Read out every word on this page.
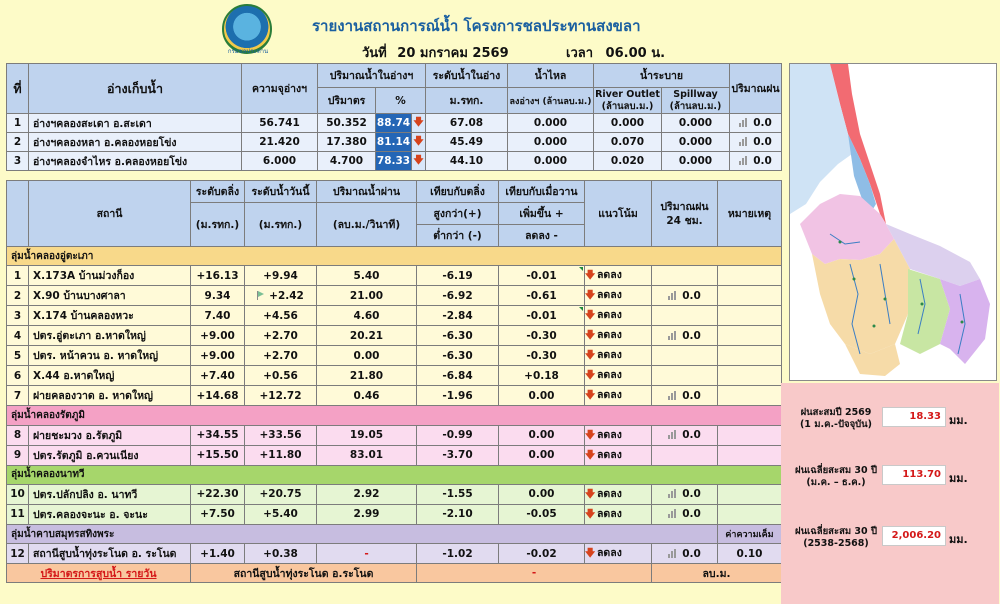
กรมชลประทาน
รายงานสถานการณ์น้ำ โครงการชลประทานสงขลา
วันที่ 20 มกราคม 2569	เวลา 06.00 น.
ที่	อ่างเก็บน้ำ	ความจุอ่างฯ	ปริมาณน้ำในอ่างฯ			ระดับน้ำในอ่าง	น้ำไหล	น้ำระบาย		ปริมาณฝน
			ปริมาตร	%		ม.รทก.	ลงอ่างฯ (ล้านลบ.ม.)	River Outlet
(ล้านลบ.ม.)	Spillway
(ล้านลบ.ม.)	
1	อ่างฯคลองสะเดา อ.สะเดา	56.741	50.352	88.74	🡇	67.08	0.000	0.000	0.000	0.0
2	อ่างฯคลองหลา อ.คลองหอยโข่ง	21.420	17.380	81.14	🡇	45.49	0.000	0.070	0.000	0.0
3	อ่างฯคลองจำไหร อ.คลองหอยโข่ง	6.000	4.700	78.33	🡇	44.10	0.000	0.020	0.000	0.0
	สถานี	ระดับตลิ่ง	ระดับน้ำวันนี้	ปริมาณน้ำผ่าน	เทียบกับตลิ่ง	เทียบกับเมื่อวาน	แนวโน้ม	ปริมาณฝน
24 ชม.	หมายเหตุ
		(ม.รทก.)	(ม.รทก.)	(ลบ.ม./วินาที)	สูงกว่า(+)	เพิ่มขึ้น +			
					ต่ำกว่า (-)	ลดลง -			
ลุ่มน้ำคลองอู่ตะเภา									
1	X.173A บ้านม่วงก็อง	+16.13	+9.94	5.40	-6.19	-0.01	🡇 ลดลง		
2	X.90 บ้านบางศาลา	9.34	+2.42	21.00	-6.92	-0.61	🡇 ลดลง	0.0	
3	X.174 บ้านคลองหวะ	7.40	+4.56	4.60	-2.84	-0.01	🡇 ลดลง		
4	ปตร.อู่ตะเภา อ.หาดใหญ่	+9.00	+2.70	20.21	-6.30	-0.30	🡇 ลดลง	0.0	
5	ปตร. หน้าควน อ. หาดใหญ่	+9.00	+2.70	0.00	-6.30	-0.30	🡇 ลดลง		
6	X.44 อ.หาดใหญ่	+7.40	+0.56	21.80	-6.84	+0.18	🡇 ลดลง		
7	ฝายคลองวาด อ. หาดใหญ่	+14.68	+12.72	0.46	-1.96	0.00	🡇 ลดลง	0.0	
ลุ่มน้ำคลองรัตภูมิ									
8	ฝายชะมวง อ.รัตภูมิ	+34.55	+33.56	19.05	-0.99	0.00	🡇 ลดลง	0.0	
9	ปตร.รัตภูมิ อ.ควนเนียง	+15.50	+11.80	83.01	-3.70	0.00	🡇 ลดลง		
ลุ่มน้ำคลองนาทวี									
10	ปตร.ปลักปลิง อ. นาทวี	+22.30	+20.75	2.92	-1.55	0.00	🡇 ลดลง	0.0	
11	ปตร.คลองจะนะ อ. จะนะ	+7.50	+5.40	2.99	-2.10	-0.05	🡇 ลดลง	0.0	
ลุ่มน้ำคาบสมุทรสทิงพระ									ค่าความเค็ม
12	สถานีสูบน้ำทุ่งระโนด อ. ระโนด	+1.40	+0.38	-	-1.02	-0.02	🡇 ลดลง	0.0	0.10
ปริมาตรการสูบน้ำ รายวัน		สถานีสูบน้ำทุ่งระโนด อ.ระโนด			-			ลบ.ม.	
ฝนสะสมปี 2569
(1 ม.ค.-ปัจจุบัน)
18.33 มม.
ฝนเฉลี่ยสะสม 30 ปี
(ม.ค. – ธ.ค.)
113.70 มม.
ฝนเฉลี่ยสะสม 30 ปี
(2538-2568)
2,006.20 มม.
